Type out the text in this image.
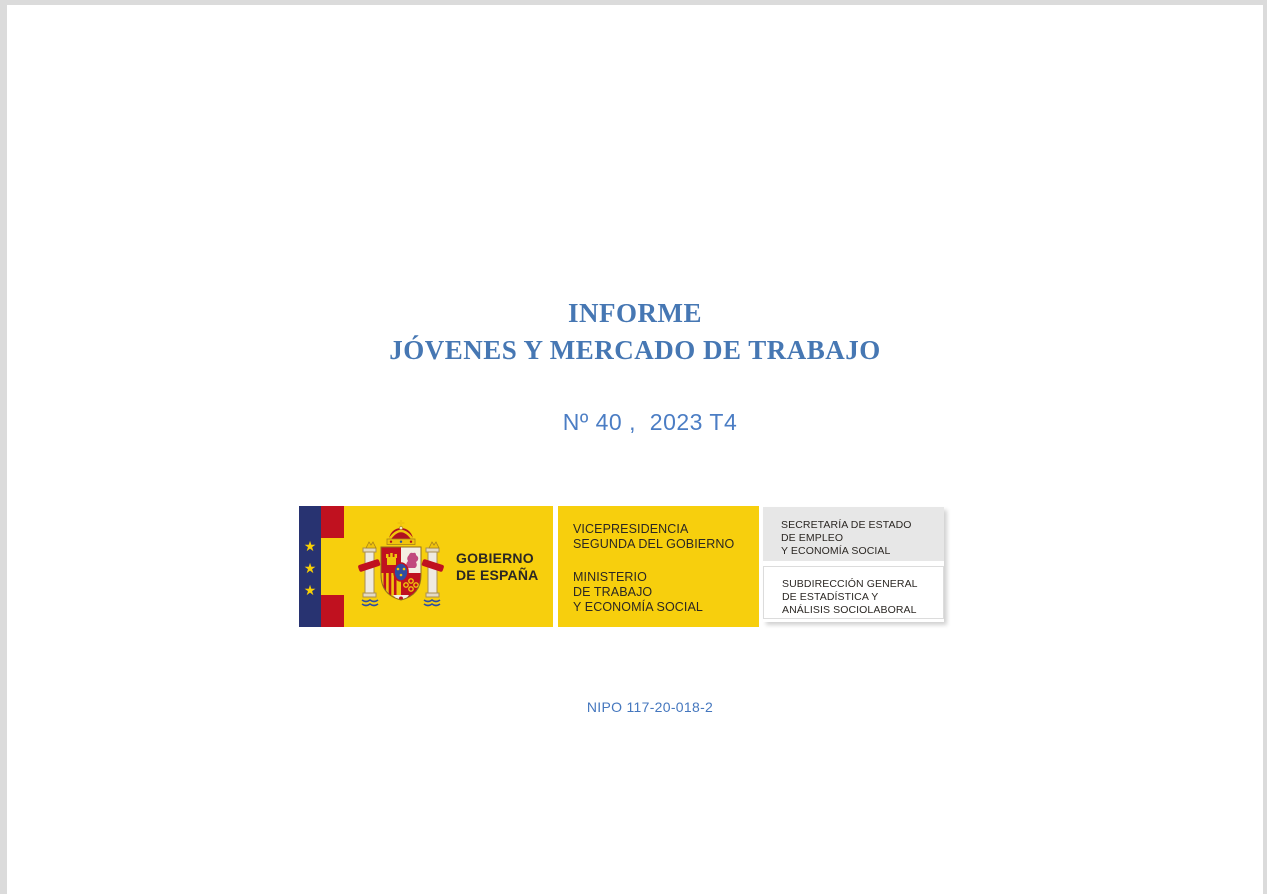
INFORME
JÓVENES Y MERCADO DE TRABAJO
Nº 40 ,  2023 T4
★
★
★
GOBIERNO
DE ESPAÑA
VICEPRESIDENCIA
SEGUNDA DEL GOBIERNO
MINISTERIO
DE TRABAJO
Y ECONOMÍA SOCIAL
SECRETARÍA DE ESTADO
DE EMPLEO
Y ECONOMÍA SOCIAL
SUBDIRECCIÓN GENERAL
DE ESTADÍSTICA Y
ANÁLISIS SOCIOLABORAL
NIPO 117-20-018-2
